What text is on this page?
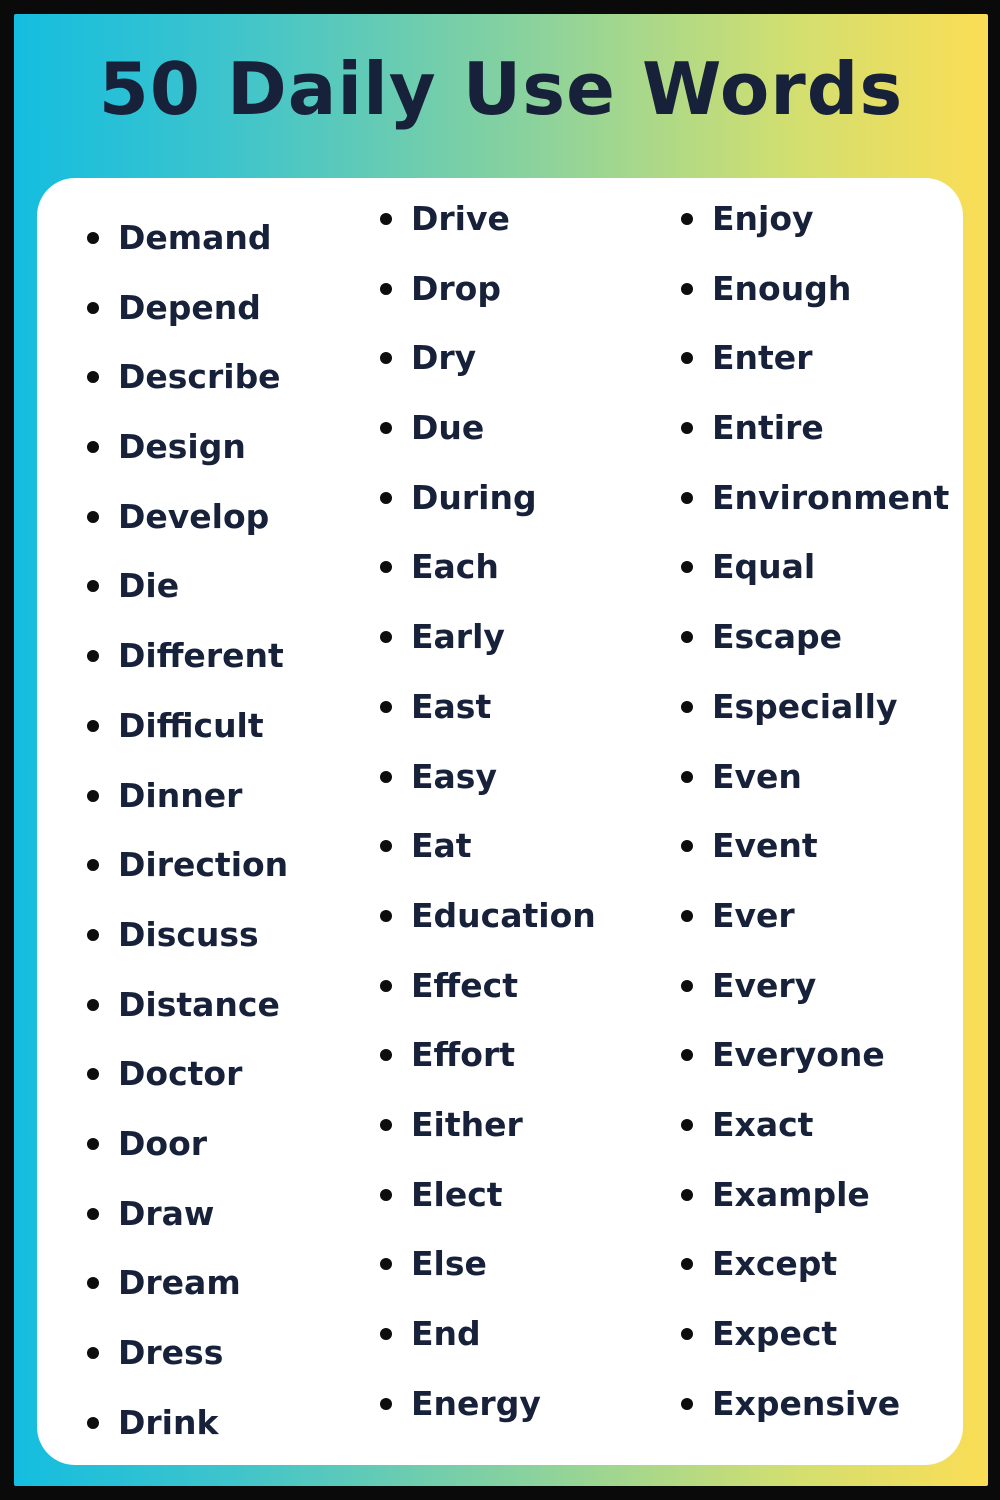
50 Daily Use Words
Demand
Depend
Describe
Design
Develop
Die
Different
Difficult
Dinner
Direction
Discuss
Distance
Doctor
Door
Draw
Dream
Dress
Drink
Drive
Drop
Dry
Due
During
Each
Early
East
Easy
Eat
Education
Effect
Effort
Either
Elect
Else
End
Energy
Enjoy
Enough
Enter
Entire
Environment
Equal
Escape
Especially
Even
Event
Ever
Every
Everyone
Exact
Example
Except
Expect
Expensive
